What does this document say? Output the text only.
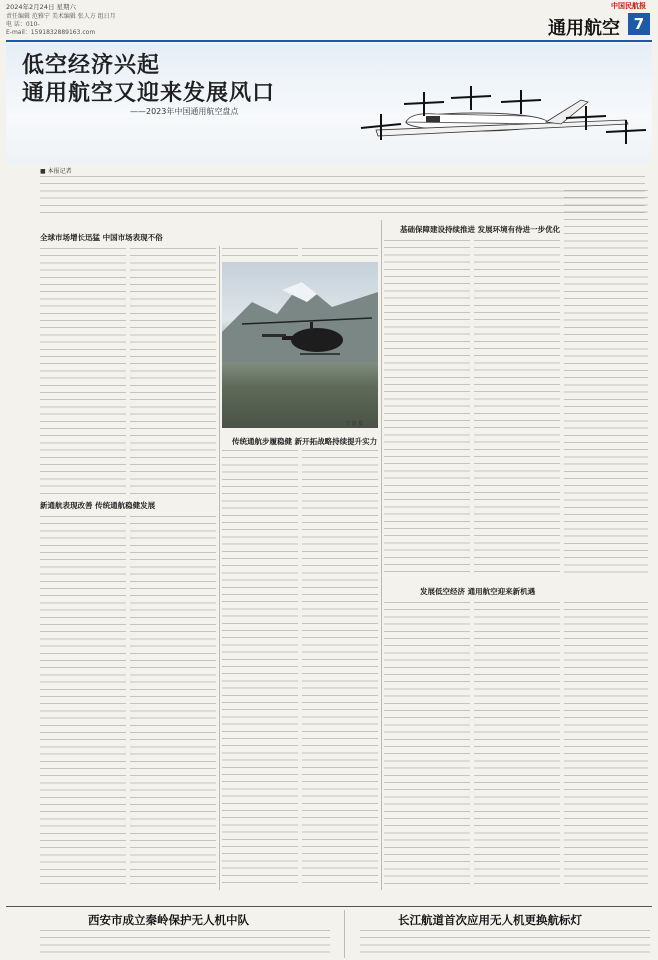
2024年2月24日 星期六
责任编辑 范雅宁 美术编辑 张人方 组日月
电 话：010-
E-mail：1591832889163.com
中国民航报
通用航空 7
低空经济兴起
通用航空又迎来发展风口
——2023年中国通用航空盘点
■ 本报记者
全球市场增长迅猛 中国市场表现不俗
新通航表现改善 传统通航稳健发展
王 涛 摄
传统通航步履稳健 新开拓战略持续提升实力
基础保障建设持续推进 发展环境有待进一步优化
发展低空经济 通用航空迎来新机遇
西安市成立秦岭保护无人机中队	长江航道首次应用无人机更换航标灯
